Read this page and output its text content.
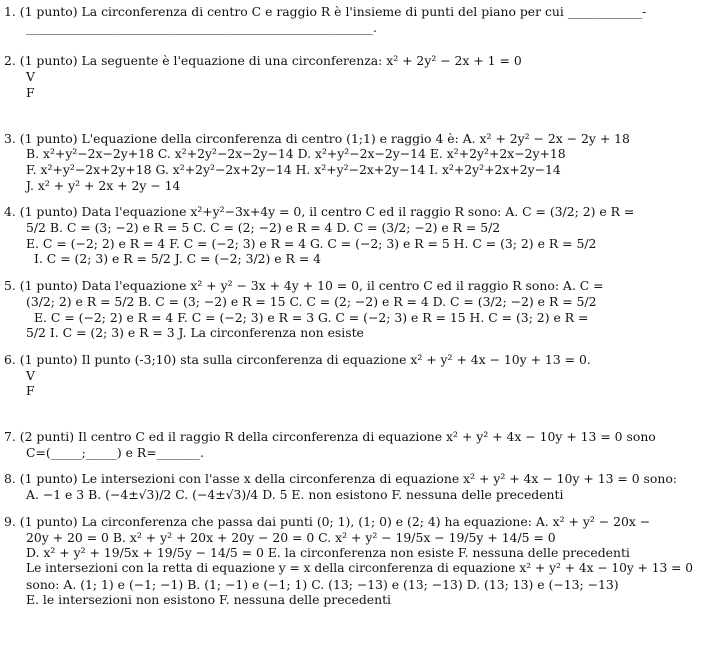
1. (1 punto) La circonferenza di centro C e raggio R è l'insieme di punti del piano per cui ____________-
________________________________________________________.
2. (1 punto) La seguente è l'equazione di una circonferenza: x² + 2y² − 2x + 1 = 0
V
F
3. (1 punto) L'equazione della circonferenza di centro (1;1) e raggio 4 è: A. x² + 2y² − 2x − 2y + 18
B. x²+y²−2x−2y+18 C. x²+2y²−2x−2y−14 D. x²+y²−2x−2y−14 E. x²+2y²+2x−2y+18
F. x²+y²−2x+2y+18 G. x²+2y²−2x+2y−14 H. x²+y²−2x+2y−14 I. x²+2y²+2x+2y−14
J. x² + y² + 2x + 2y − 14
4. (1 punto) Data l'equazione x²+y²−3x+4y = 0, il centro C ed il raggio R sono: A. C = (3/2; 2) e R =
5/2 B. C = (3; −2) e R = 5 C. C = (2; −2) e R = 4 D. C = (3/2; −2) e R = 5/2
E. C = (−2; 2) e R = 4 F. C = (−2; 3) e R = 4 G. C = (−2; 3) e R = 5 H. C = (3; 2) e R = 5/2
I. C = (2; 3) e R = 5/2 J. C = (−2; 3/2) e R = 4
5. (1 punto) Data l'equazione x² + y² − 3x + 4y + 10 = 0, il centro C ed il raggio R sono: A. C =
(3/2; 2) e R = 5/2 B. C = (3; −2) e R = 15 C. C = (2; −2) e R = 4 D. C = (3/2; −2) e R = 5/2
E. C = (−2; 2) e R = 4 F. C = (−2; 3) e R = 3 G. C = (−2; 3) e R = 15 H. C = (3; 2) e R =
5/2 I. C = (2; 3) e R = 3 J. La circonferenza non esiste
6. (1 punto) Il punto (-3;10) sta sulla circonferenza di equazione x² + y² + 4x − 10y + 13 = 0.
V
F
7. (2 punti) Il centro C ed il raggio R della circonferenza di equazione x² + y² + 4x − 10y + 13 = 0 sono
C=(_____;_____) e R=_______.
8. (1 punto) Le intersezioni con l'asse x della circonferenza di equazione x² + y² + 4x − 10y + 13 = 0 sono:
A. −1 e 3 B. (−4±√3)/2 C. (−4±√3)/4 D. 5 E. non esistono F. nessuna delle precedenti
9. (1 punto) La circonferenza che passa dai punti (0; 1), (1; 0) e (2; 4) ha equazione: A. x² + y² − 20x −
20y + 20 = 0 B. x² + y² + 20x + 20y − 20 = 0 C. x² + y² − 19/5x − 19/5y + 14/5 = 0
D. x² + y² + 19/5x + 19/5y − 14/5 = 0 E. la circonferenza non esiste F. nessuna delle precedenti
Le intersezioni con la retta di equazione y = x della circonferenza di equazione x² + y² + 4x − 10y + 13 = 0
sono: A. (1; 1) e (−1; −1) B. (1; −1) e (−1; 1) C. (13; −13) e (13; −13) D. (13; 13) e (−13; −13)
E. le intersezioni non esistono F. nessuna delle precedenti
